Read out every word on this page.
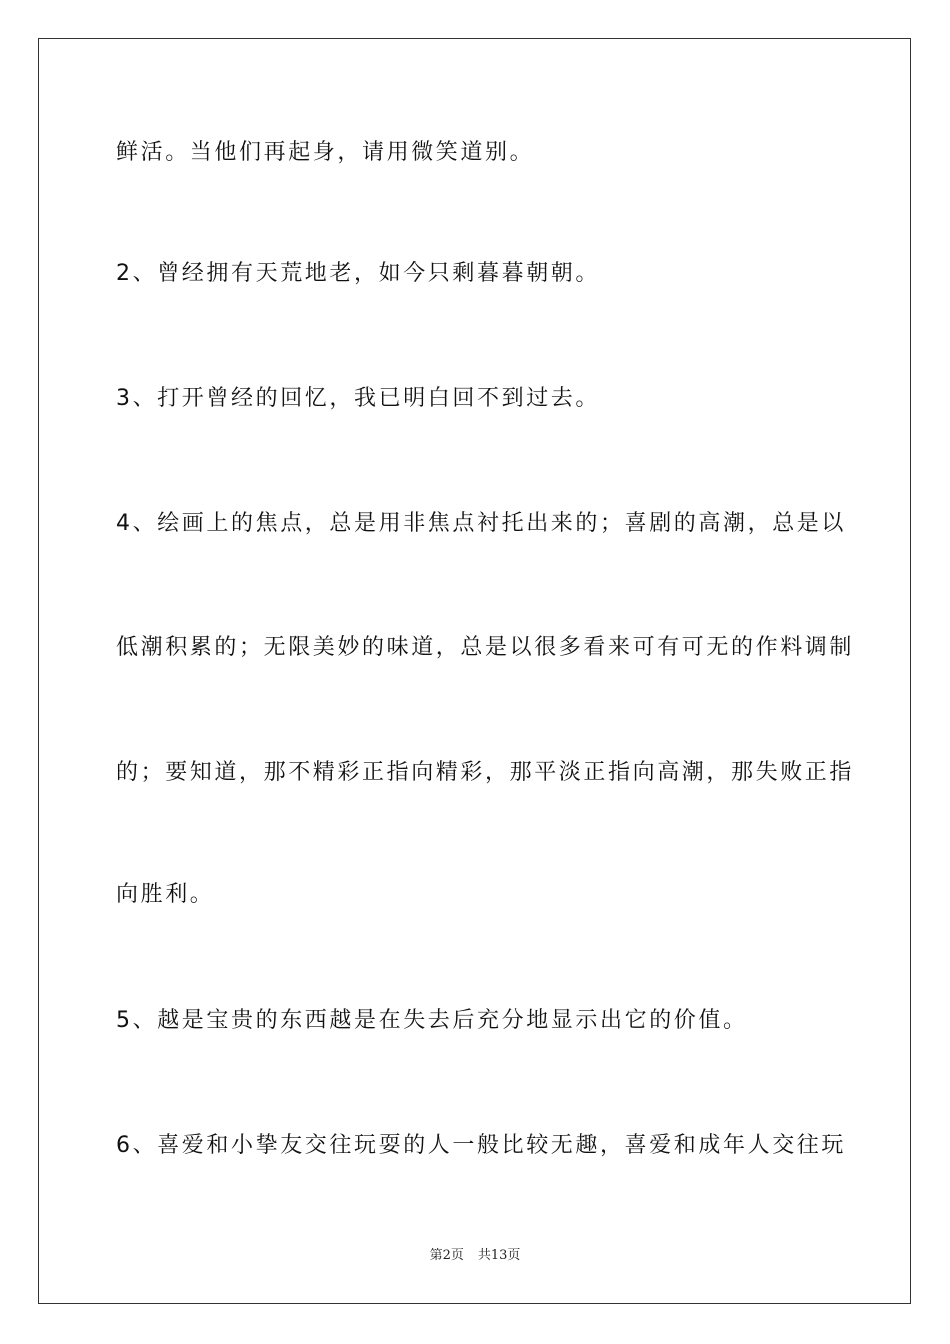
鲜活。当他们再起身，请用微笑道别。
2、曾经拥有天荒地老，如今只剩暮暮朝朝。
3、打开曾经的回忆，我已明白回不到过去。
4、绘画上的焦点，总是用非焦点衬托出来的；喜剧的高潮，总是以
低潮积累的；无限美妙的味道，总是以很多看来可有可无的作料调制
的；要知道，那不精彩正指向精彩，那平淡正指向高潮，那失败正指
向胜利。
5、越是宝贵的东西越是在失去后充分地显示出它的价值。
6、喜爱和小挚友交往玩耍的人一般比较无趣，喜爱和成年人交往玩
第2页 共13页
